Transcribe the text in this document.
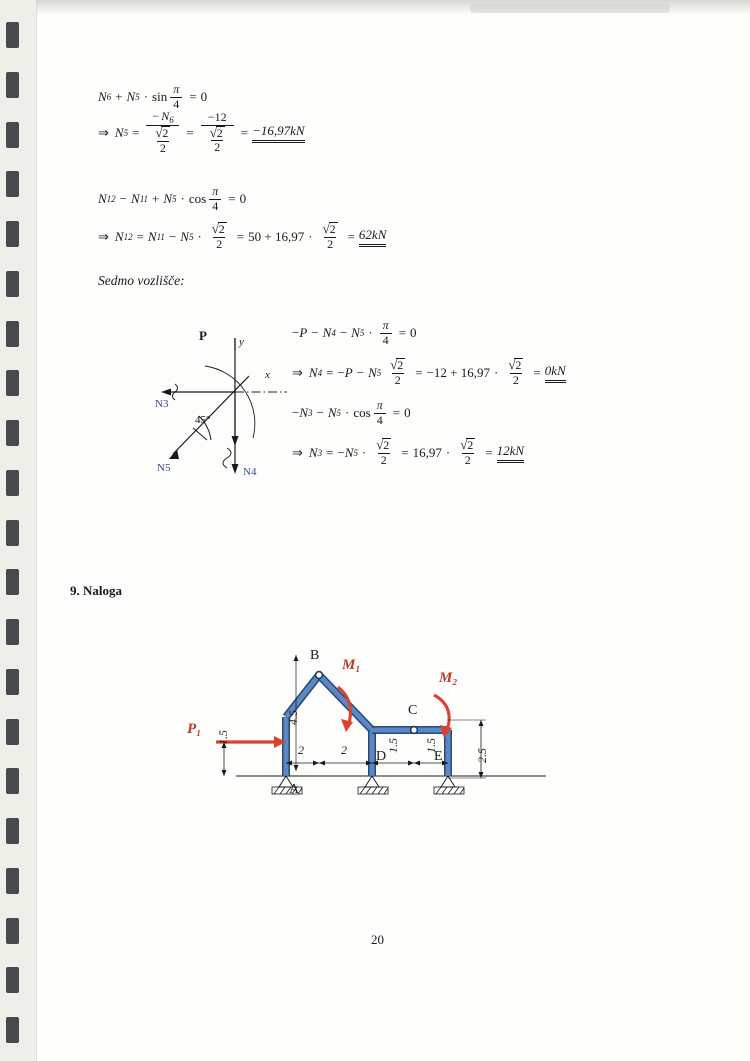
N 6 + N $5 \cdot \sin \frac{\pi}{4} = 0$
⇒ N 5 = − $N_6$
√ $\frac{2}{2} = -12$
√ $\frac{2}{2} = -16,97kN$
N 12 − N 11 + N $5 \cdot \cos \frac{\pi}{4} = 0$
⇒ N 12 = N 11 − N 5 · √ $\frac{2}{2} = 50 + 16,97$ · √ $\frac{2}{2} = 62kN$
Sedmo vozlišče:
P	y
x
45°
N3
N5	N4
− P − N 4 − N $5 \cdot \frac{\pi}{4} = 0$
⇒ N 4 = − P − N 5 √ $\frac{2}{2} = -12 + 16,97$ · √ $\frac{2}{2} = 0kN$
− N 3 − N $5 \cdot \cos \frac{\pi}{4} = 0$
⇒ N 3 = − N 5 · √ $\frac{2}{2} = 16,97$ · √ $\frac{2}{2} = 12kN$
9. Naloga
B
C
D	E
A
P₁
M₁
M₂
1.5
4.5
2	2	1.5 1.5
2.5
20
